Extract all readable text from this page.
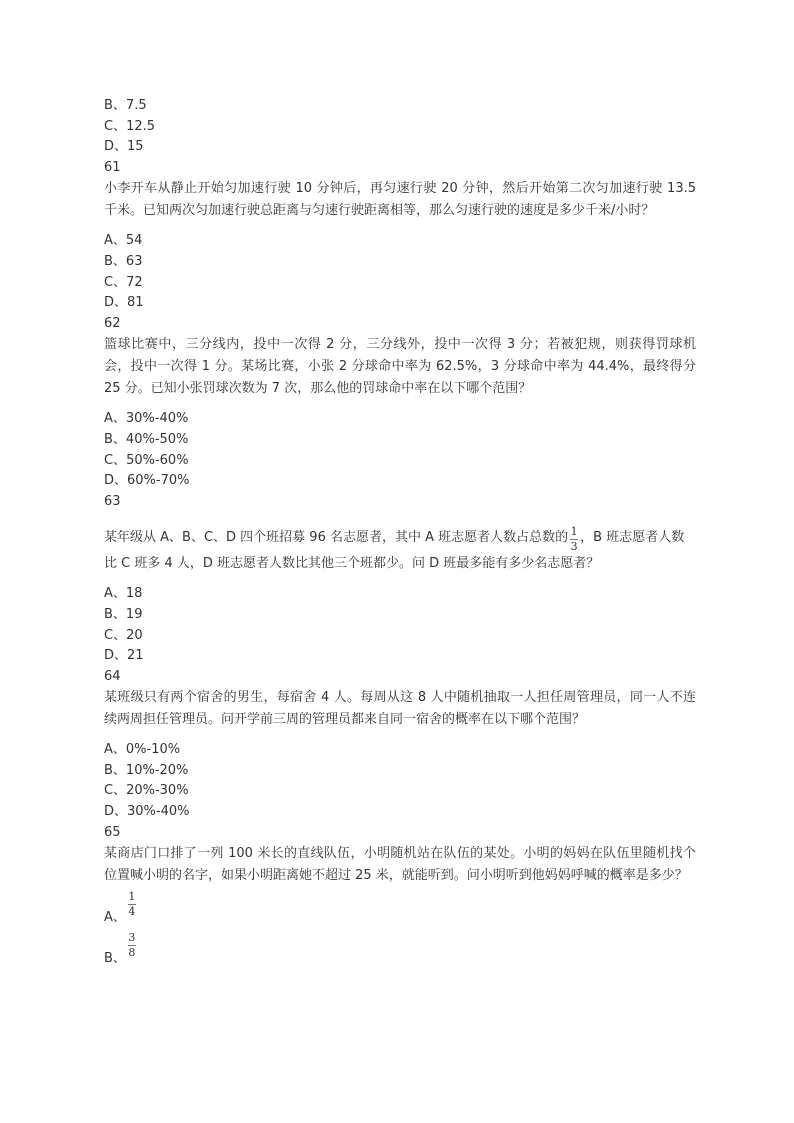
B、7.5
C、12.5
D、15
61

小李开车从静止开始匀加速行驶 10 分钟后，再匀速行驶 20 分钟，然后开始第二次匀加速行驶 13.5 千米。已知两次匀加速行驶总距离与匀速行驶距离相等，那么匀速行驶的速度是多少千米/小时？

A、54
B、63
C、72
D、81
62

篮球比赛中，三分线内，投中一次得 2 分，三分线外，投中一次得 3 分；若被犯规，则获得罚球机会，投中一次得 1 分。某场比赛，小张 2 分球命中率为 62.5%，3 分球命中率为 44.4%，最终得分 25 分。已知小张罚球次数为 7 次，那么他的罚球命中率在以下哪个范围？

A、30%-40%
B、40%-50%
C、50%-60%
D、60%-70%
63

某年级从 A、B、C、D 四个班招募 96 名志愿者，其中 A 班志愿者人数占总数的 $\frac{1}{3}$ ，B 班志愿者人数比 C 班多 4 人，D 班志愿者人数比其他三个班都少。问 D 班最多能有多少名志愿者？

A、18
B、19
C、20
D、21
64

某班级只有两个宿舍的男生，每宿舍 4 人。每周从这 8 人中随机抽取一人担任周管理员，同一人不连续两周担任管理员。问开学前三周的管理员都来自同一宿舍的概率在以下哪个范围？

A、0%-10%
B、10%-20%
C、20%-30%
D、30%-40%
65

某商店门口排了一列 100 米长的直线队伍，小明随机站在队伍的某处。小明的妈妈在队伍里随机找个位置喊小明的名字，如果小明距离她不超过 25 米，就能听到。问小明听到他妈妈呼喊的概率是多少？

A、 $\frac{1}{4}$
B、 $\frac{3}{8}$
